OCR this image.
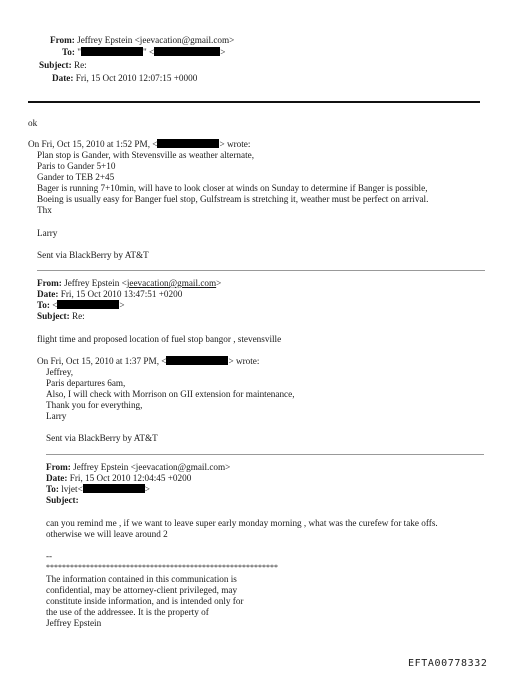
From: Jeffrey Epstein <jeevacation@gmail.com>
To: "	" <	>
Subject: Re:
Date: Fri, 15 Oct 2010 12:07:15 +0000
ok
On Fri, Oct 15, 2010 at 1:52 PM, <	> wrote:
Plan stop is Gander, with Stevensville as weather alternate,
Paris to Gander 5+10
Gander to TEB 2+45
Bager is running 7+10min, will have to look closer at winds on Sunday to determine if Banger is possible,
Boeing is usually easy for Banger fuel stop, Gulfstream is stretching it, weather must be perfect on arrival.
Thx
Larry
Sent via BlackBerry by AT&T
From: Jeffrey Epstein <jeevacation@gmail.com>
Date: Fri, 15 Oct 2010 13:47:51 +0200
To: <	>
Subject: Re:
flight time and proposed location of fuel stop bangor , stevensville
On Fri, Oct 15, 2010 at 1:37 PM, <	> wrote:
Jeffrey,
Paris departures 6am,
Also, I will check with Morrison on GII extension for maintenance,
Thank you for everything,
Larry
Sent via BlackBerry by AT&T
From: Jeffrey Epstein <jeevacation@gmail.com>
Date: Fri, 15 Oct 2010 12:04:45 +0200
To: lvjet<	>
Subject:
can you remind me , if we want to leave super early monday morning , what was the curefew for take offs.
otherwise we will leave around 2
--
**********************************************************
The information contained in this communication is
confidential, may be attorney-client privileged, may
constitute inside information, and is intended only for
the use of the addressee. It is the property of
Jeffrey Epstein
EFTA00778332
